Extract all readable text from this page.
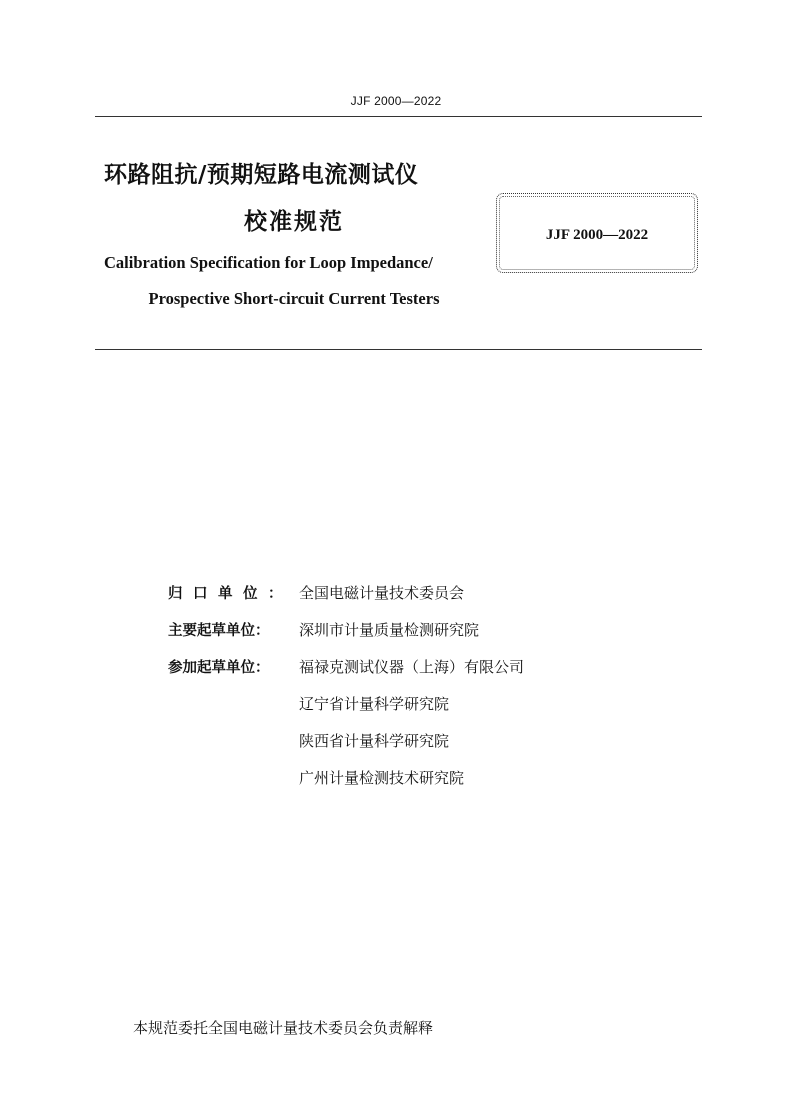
JJF 2000—2022
环路阻抗/预期短路电流测试仪
校准规范
Calibration Specification for Loop Impedance/
Prospective Short-circuit Current Testers
JJF 2000—2022
归口单位： 全国电磁计量技术委员会
主要起草单位：	深圳市计量质量检测研究院
参加起草单位：	福禄克测试仪器（上海）有限公司
辽宁省计量科学研究院
陕西省计量科学研究院
广州计量检测技术研究院
本规范委托全国电磁计量技术委员会负责解释
